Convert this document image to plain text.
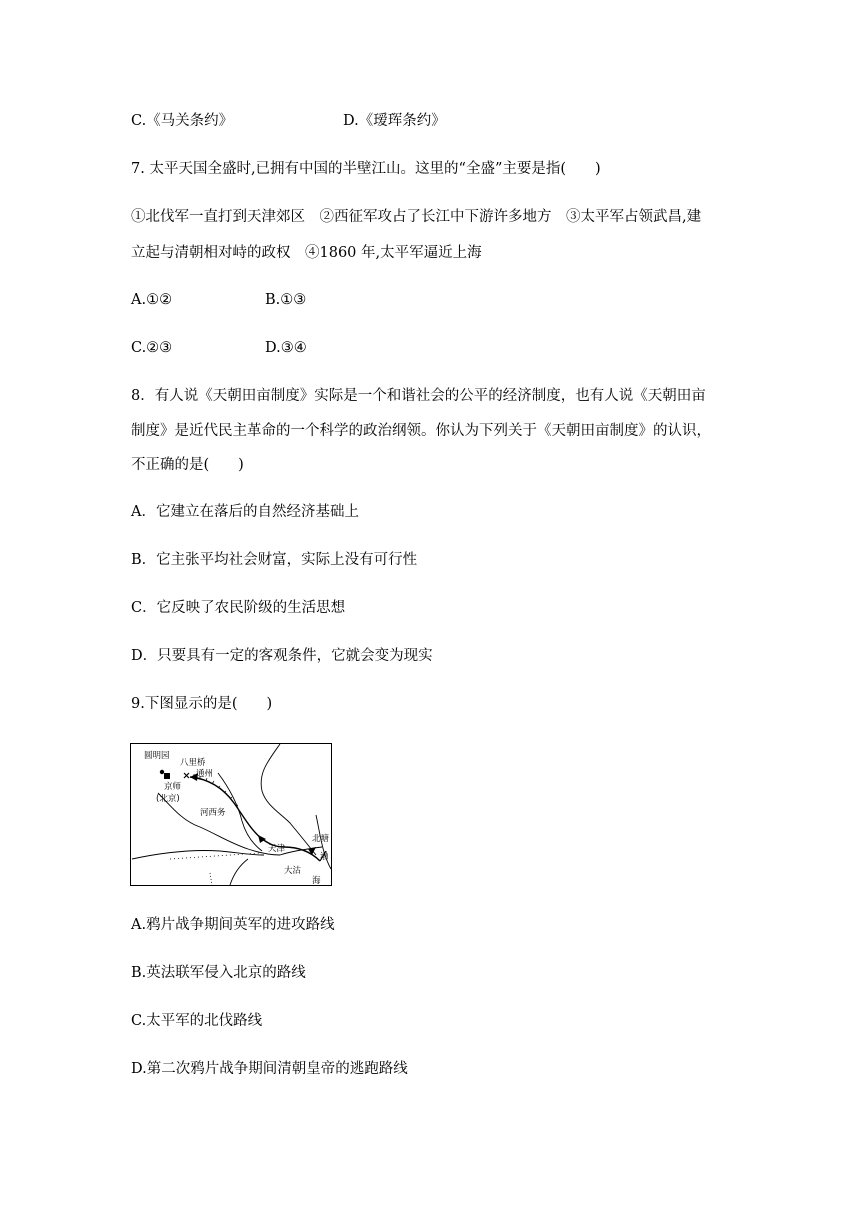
C.《马关条约》	D.《瑷珲条约》
7. 太平天国全盛时,已拥有中国的半壁江山。这里的“全盛”主要是指(　　)
①北伐军一直打到天津郊区　②西征军攻占了长江中下游许多地方　③太平军占领武昌,建
立起与清朝相对峙的政权　④1860 年,太平军逼近上海
A.①②	B.①③
C.②③	D.③④
8．有人说《天朝田亩制度》实际是一个和谐社会的公平的经济制度，也有人说《天朝田亩
制度》是近代民主革命的一个科学的政治纲领。你认为下列关于《天朝田亩制度》的认识，
不正确的是(　　)
A．它建立在落后的自然经济基础上
B．它主张平均社会财富，实际上没有可行性
C．它反映了农民阶级的生活思想
D．只要具有一定的客观条件，它就会变为现实
9.下图显示的是(　　)
圆明园
八里桥
通州
京师
(北京)
河西务
天津
北塘
渤
大沽
海
A.鸦片战争期间英军的进攻路线
B.英法联军侵入北京的路线
C.太平军的北伐路线
D.第二次鸦片战争期间清朝皇帝的逃跑路线
